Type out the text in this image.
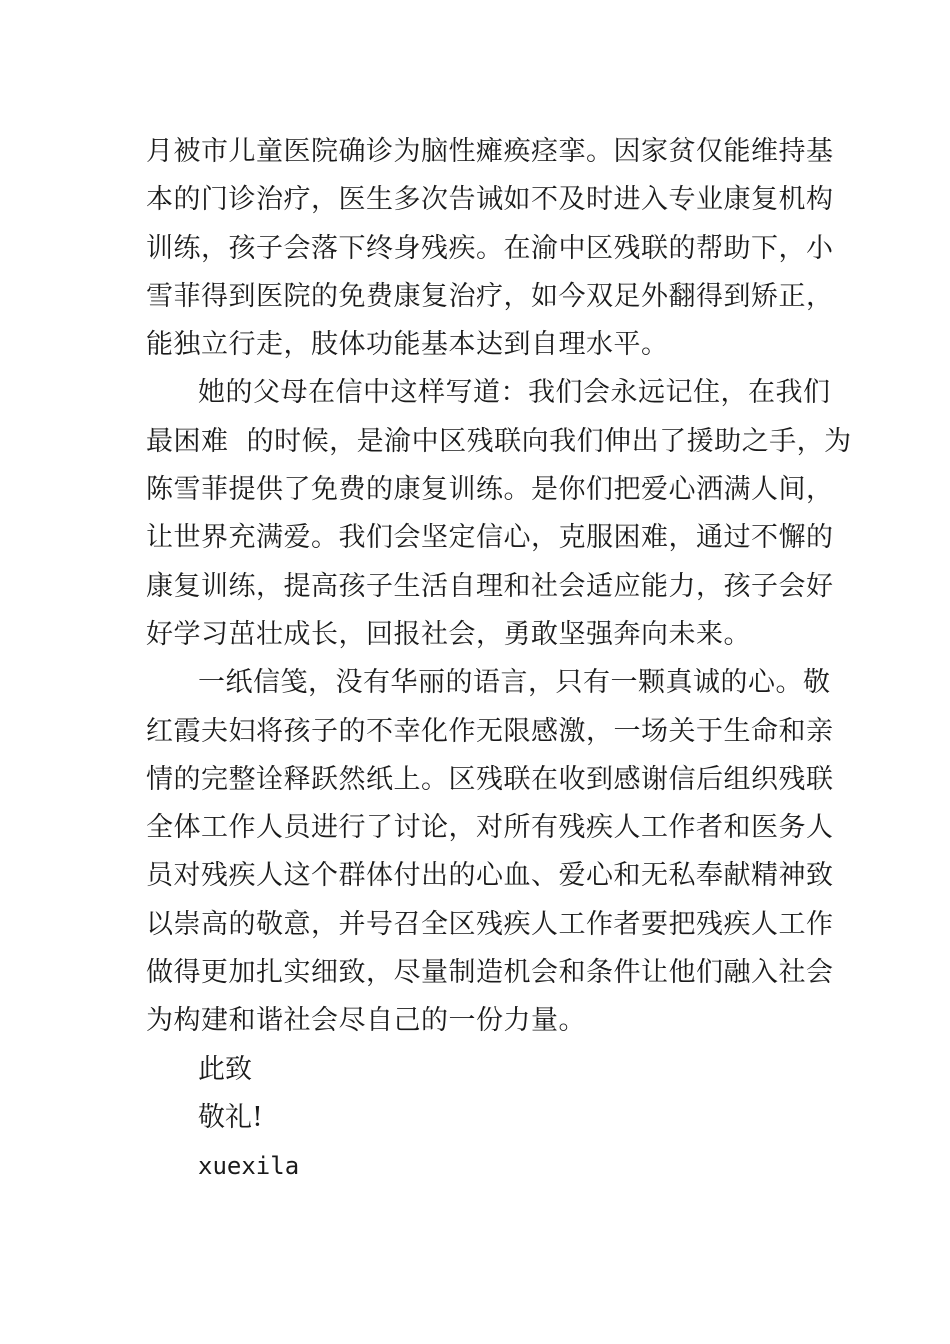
月被市儿童医院确诊为脑性瘫痪痉挛。因家贫仅能维持基
本的门诊治疗，医生多次告诫如不及时进入专业康复机构
训练，孩子会落下终身残疾。在渝中区残联的帮助下，小
雪菲得到医院的免费康复治疗，如今双足外翻得到矫正，
能独立行走，肢体功能基本达到自理水平。
她的父母在信中这样写道：我们会永远记住，在我们
最困难  的时候，是渝中区残联向我们伸出了援助之手，为
陈雪菲提供了免费的康复训练。是你们把爱心洒满人间，
让世界充满爱。我们会坚定信心，克服困难，通过不懈的
康复训练，提高孩子生活自理和社会适应能力，孩子会好
好学习茁壮成长，回报社会，勇敢坚强奔向未来。
一纸信笺，没有华丽的语言，只有一颗真诚的心。敬
红霞夫妇将孩子的不幸化作无限感激，一场关于生命和亲
情的完整诠释跃然纸上。区残联在收到感谢信后组织残联
全体工作人员进行了讨论，对所有残疾人工作者和医务人
员对残疾人这个群体付出的心血、爱心和无私奉献精神致
以崇高的敬意，并号召全区残疾人工作者要把残疾人工作
做得更加扎实细致，尽量制造机会和条件让他们融入社会
为构建和谐社会尽自己的一份力量。
此致
敬礼!
xuexila
